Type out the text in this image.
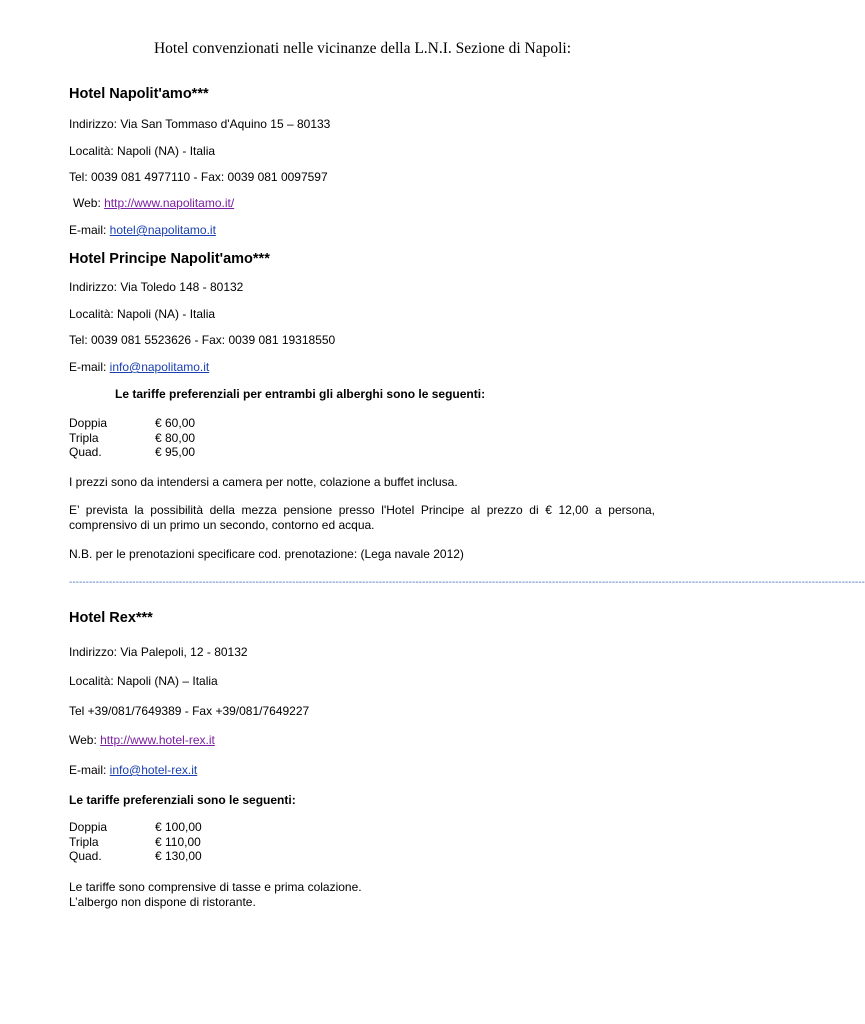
Hotel convenzionati nelle vicinanze della L.N.I. Sezione di Napoli:
Hotel Napolit'amo***
Indirizzo: Via San Tommaso d'Aquino 15 – 80133
Località: Napoli (NA) - Italia
Tel: 0039 081 4977110 - Fax: 0039 081 0097597
Web: http://www.napolitamo.it/
E-mail: hotel@napolitamo.it
Hotel Principe Napolit'amo***
Indirizzo: Via Toledo 148 - 80132
Località: Napoli (NA) - Italia
Tel: 0039 081 5523626 - Fax: 0039 081 19318550
E-mail: info@napolitamo.it
Le tariffe preferenziali per entrambi gli alberghi sono le seguenti:
Doppia	€ 60,00
Tripla	€ 80,00
Quad.	€ 95,00
I prezzi sono da intendersi a camera per notte, colazione a buffet inclusa.
E’ prevista la possibilità della mezza pensione presso l'Hotel Principe al prezzo di € 12,00 a persona, comprensivo di un primo un secondo, contorno ed acqua.
N.B. per le prenotazioni specificare cod. prenotazione: (Lega navale 2012)
-----------------------------------------------------------------------------------------------------------------------------------------------------------------------------------------------------------------------------------------------
Hotel Rex***
Indirizzo: Via Palepoli, 12 - 80132
Località: Napoli (NA) – Italia
Tel +39/081/7649389 - Fax +39/081/7649227
Web: http://www.hotel-rex.it
E-mail: info@hotel-rex.it
Le tariffe preferenziali sono le seguenti:
Doppia	€ 100,00
Tripla	€ 110,00
Quad.	€ 130,00
Le tariffe sono comprensive di tasse e prima colazione.
L’albergo non dispone di ristorante.
